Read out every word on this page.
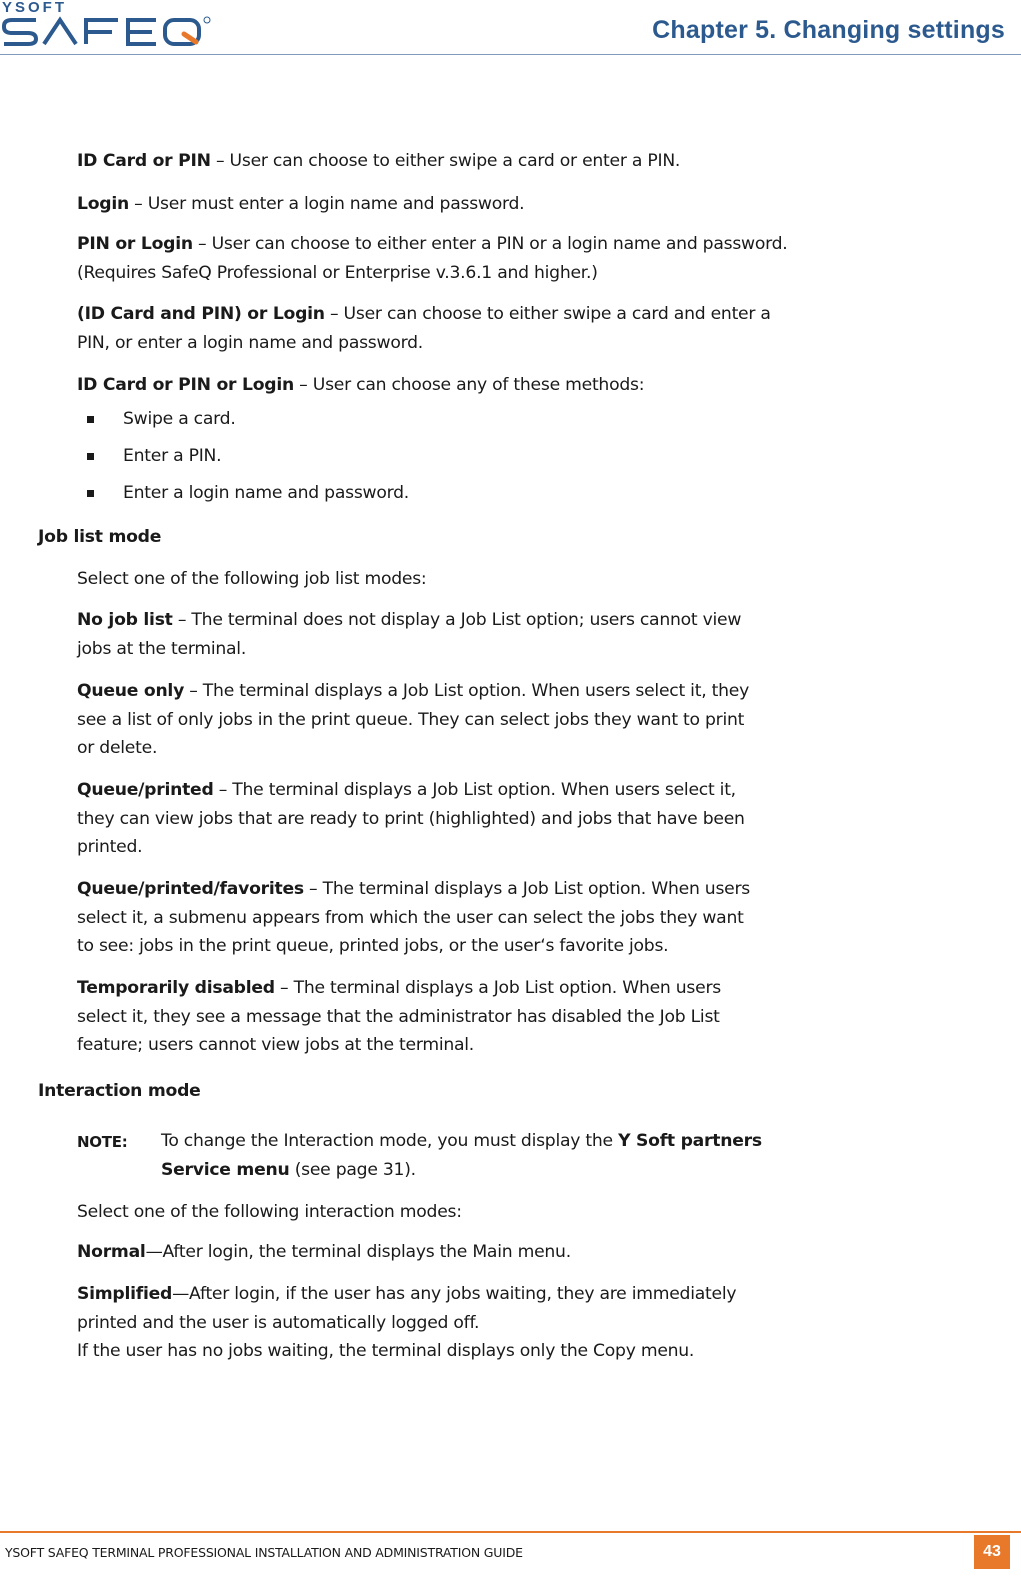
YSOFT
Chapter 5. Changing settings

ID Card or PIN – User can choose to either swipe a card or enter a PIN.

Login – User must enter a login name and password.

PIN or Login – User can choose to either enter a PIN or a login name and password.
(Requires SafeQ Professional or Enterprise v.3.6.1 and higher.)

(ID Card and PIN) or Login – User can choose to either swipe a card and enter a
PIN, or enter a login name and password.

ID Card or PIN or Login – User can choose any of these methods:

Swipe a card.
Enter a PIN.
Enter a login name and password.

Job list mode

Select one of the following job list modes:

No job list – The terminal does not display a Job List option; users cannot view
jobs at the terminal.

Queue only – The terminal displays a Job List option. When users select it, they
see a list of only jobs in the print queue. They can select jobs they want to print
or delete.

Queue/printed – The terminal displays a Job List option. When users select it,
they can view jobs that are ready to print (highlighted) and jobs that have been
printed.

Queue/printed/favorites – The terminal displays a Job List option. When users
select it, a submenu appears from which the user can select the jobs they want
to see: jobs in the print queue, printed jobs, or the user‘s favorite jobs.

Temporarily disabled – The terminal displays a Job List option. When users
select it, they see a message that the administrator has disabled the Job List
feature; users cannot view jobs at the terminal.

Interaction mode

NOTE: To change the Interaction mode, you must display the Y Soft partners
Service menu (see page 31).

Select one of the following interaction modes:

Normal—After login, the terminal displays the Main menu.

Simplified—After login, if the user has any jobs waiting, they are immediately
printed and the user is automatically logged off.
If the user has no jobs waiting, the terminal displays only the Copy menu.

YSOFT SAFEQ TERMINAL PROFESSIONAL INSTALLATION AND ADMINISTRATION GUIDE	43
